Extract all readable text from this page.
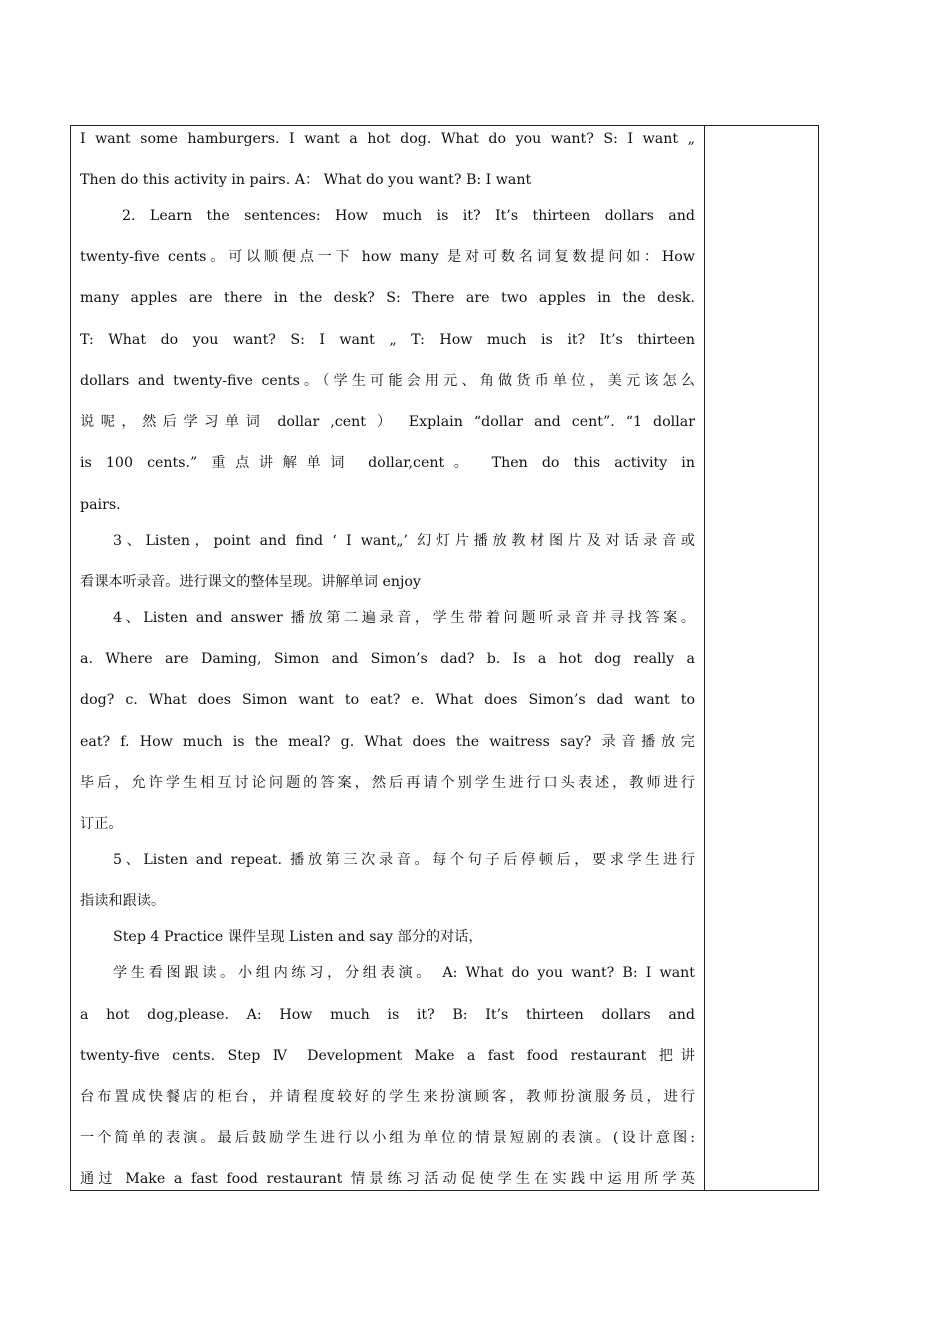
I want some hamburgers. I want a hot dog. What do you want? S: I want „
Then do this activity in pairs. A： What do you want? B: I want
2. Learn the sentences: How much is it? It’s thirteen dollars and
twenty-five cents。可以顺便点一下 how many 是对可数名词复数提问如：How
many apples are there in the desk? S: There are two apples in the desk.
T: What do you want? S: I want „ T: How much is it? It’s thirteen
dollars and twenty-five cents。（学生可能会用元、角做货币单位，美元该怎么
说呢，然后学习单词 dollar ,cent ） Explain “dollar and cent”. “1 dollar
is 100 cents.” 重点讲解单词 dollar,cent。 Then do this activity in
pairs.
3、Listen，point and find ‘ I want„’ 幻灯片播放教材图片及对话录音或
看课本听录音。进行课文的整体呈现。讲解单词 enjoy
4、Listen and answer 播放第二遍录音，学生带着问题听录音并寻找答案。
a. Where are Daming, Simon and Simon’s dad? b. Is a hot dog really a
dog? c. What does Simon want to eat? e. What does Simon’s dad want to
eat? f. How much is the meal? g. What does the waitress say? 录音播放完
毕后，允许学生相互讨论问题的答案，然后再请个别学生进行口头表述，教师进行
订正。
5、Listen and repeat. 播放第三次录音。每个句子后停顿后，要求学生进行
指读和跟读。
Step 4 Practice 课件呈现 Listen and say 部分的对话，
学生看图跟读。小组内练习，分组表演。 A: What do you want? B: I want
a hot dog,please. A: How much is it? B: It’s thirteen dollars and
twenty-five cents. Step Ⅳ Development Make a fast food restaurant 把讲
台布置成快餐店的柜台，并请程度较好的学生来扮演顾客，教师扮演服务员，进行
一个简单的表演。最后鼓励学生进行以小组为单位的情景短剧的表演。(设计意图:
通过 Make a fast food restaurant 情景练习活动促使学生在实践中运用所学英
